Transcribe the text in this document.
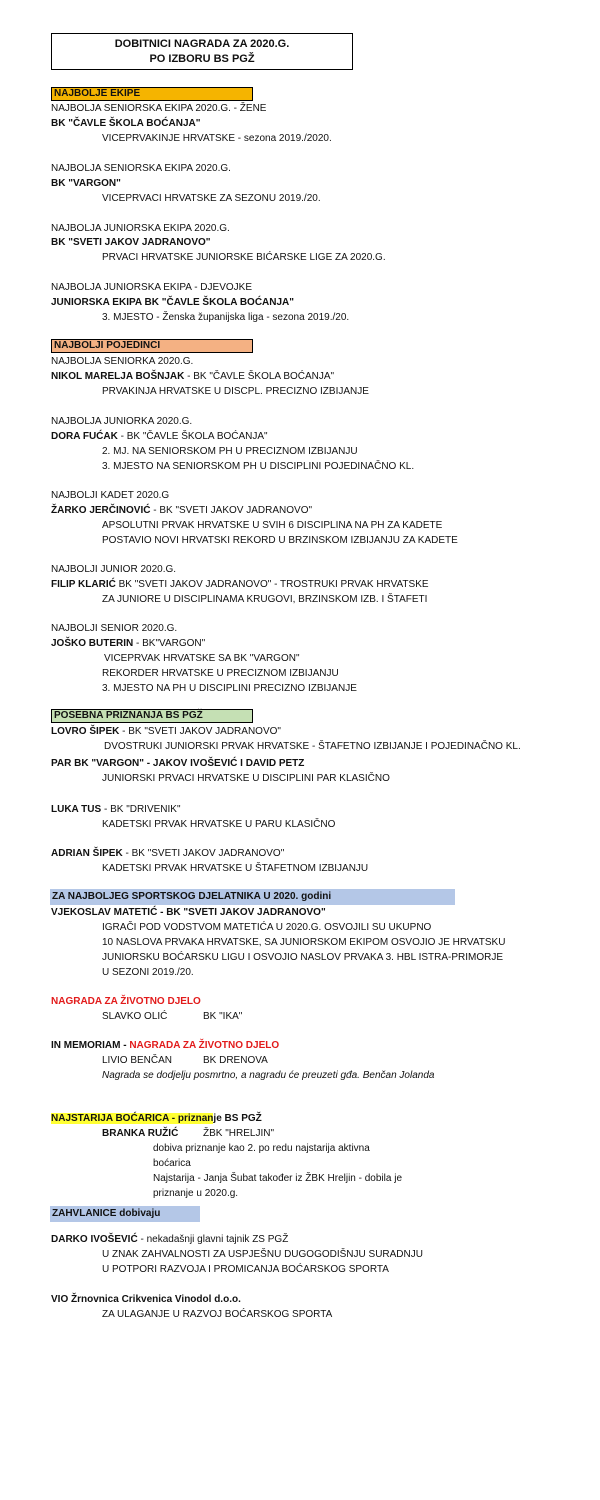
DOBITNICI NAGRADA ZA 2020.G.
PO IZBORU BS PGŽ
NAJBOLJE EKIPE
NAJBOLJA SENIORSKA EKIPA 2020.G. - ŽENE
BK "ČAVLE ŠKOLA BOĆANJA"
VICEPRVAKINJE HRVATSKE - sezona 2019./2020.
NAJBOLJA SENIORSKA EKIPA 2020.G.
BK "VARGON"
VICEPRVACI HRVATSKE ZA SEZONU 2019./20.
NAJBOLJA JUNIORSKA EKIPA 2020.G.
BK "SVETI JAKOV JADRANOVO"
PRVACI HRVATSKE JUNIORSKE BIĆARSKE LIGE ZA 2020.G.
NAJBOLJA JUNIORSKA EKIPA - DJEVOJKE
JUNIORSKA EKIPA BK "ČAVLE ŠKOLA BOĆANJA"
3. MJESTO - Ženska županijska liga - sezona 2019./20.
NAJBOLJI POJEDINCI
NAJBOLJA SENIORKA 2020.G.
NIKOL MARELJA BOŠNJAK - BK "ČAVLE ŠKOLA BOĆANJA"
PRVAKINJA HRVATSKE U DISCPL. PRECIZNO IZBIJANJE
NAJBOLJA JUNIORKA 2020.G.
DORA FUĆAK - BK "ČAVLE ŠKOLA BOĆANJA"
2. MJ. NA SENIORSKOM PH U PRECIZNOM IZBIJANJU
3. MJESTO NA SENIORSKOM PH U DISCIPLINI POJEDINAČNO KL.
NAJBOLJI KADET 2020.G
ŽARKO JERČINOVIĆ - BK "SVETI JAKOV JADRANOVO"
APSOLUTNI PRVAK HRVATSKE U SVIH 6 DISCIPLINA NA PH ZA KADETE
POSTAVIO NOVI HRVATSKI REKORD U BRZINSKOM IZBIJANJU ZA KADETE
NAJBOLJI JUNIOR 2020.G.
FILIP KLARIĆ BK "SVETI JAKOV JADRANOVO" - TROSTRUKI PRVAK HRVATSKE
ZA JUNIORE U DISCIPLINAMA KRUGOVI, BRZINSKOM IZB. I ŠTAFETI
NAJBOLJI SENIOR 2020.G.
JOŠKO BUTERIN - BK"VARGON"
VICEPRVAK HRVATSKE SA BK "VARGON"
REKORDER HRVATSKE U PRECIZNOM IZBIJANJU
3. MJESTO NA PH U DISCIPLINI PRECIZNO IZBIJANJE
POSEBNA PRIZNANJA BS PGŽ
LOVRO ŠIPEK - BK "SVETI JAKOV JADRANOVO"
DVOSTRUKI JUNIORSKI PRVAK HRVATSKE - ŠTAFETNO IZBIJANJE I POJEDINAČNO KL.
PAR BK "VARGON" - JAKOV IVOŠEVIĆ I DAVID PETZ
JUNIORSKI PRVACI HRVATSKE U DISCIPLINI PAR KLASIČNO
LUKA TUS - BK "DRIVENIK"
KADETSKI PRVAK HRVATSKE U PARU KLASIČNO
ADRIAN ŠIPEK - BK "SVETI JAKOV JADRANOVO"
KADETSKI PRVAK HRVATSKE U ŠTAFETNOM IZBIJANJU
ZA NAJBOLJEG SPORTSKOG DJELATNIKA U 2020. godini
VJEKOSLAV MATETIĆ - BK "SVETI JAKOV JADRANOVO"
IGRAČI POD VODSTVOM MATETIĆA U 2020.G. OSVOJILI SU UKUPNO
10 NASLOVA PRVAKA HRVATSKE, SA JUNIORSKOM EKIPOM OSVOJIO JE HRVATSKU
JUNIORSKU BOĆARSKU LIGU I OSVOJIO NASLOV PRVAKA 3. HBL ISTRA-PRIMORJE
U SEZONI 2019./20.
NAGRADA ZA ŽIVOTNO DJELO
SLAVKO OLIĆ	BK "IKA"
IN MEMORIAM - NAGRADA ZA ŽIVOTNO DJELO
LIVIO BENČAN	BK DRENOVA
Nagrada se dodjelju posmrtno, a nagradu će preuzeti gđa. Benčan Jolanda
NAJSTARIJA BOĆARICA - priznanje BS PGŽ
BRANKA RUŽIĆ ŽBK "HRELJIN"
dobiva priznanje kao 2. po redu najstarija aktivna
boćarica
Najstarija - Janja Šubat također iz ŽBK Hreljin - dobila je
priznanje u 2020.g.
ZAHVLANICE dobivaju
DARKO IVOŠEVIĆ - nekadašnji glavni tajnik ZS PGŽ
U ZNAK ZAHVALNOSTI ZA USPJEŠNU DUGOGODIŠNJU SURADNJU
U POTPORI RAZVOJA I PROMICANJA BOĆARSKOG SPORTA
VIO Žrnovnica Crikvenica Vinodol d.o.o.
ZA ULAGANJE U RAZVOJ BOĆARSKOG SPORTA
